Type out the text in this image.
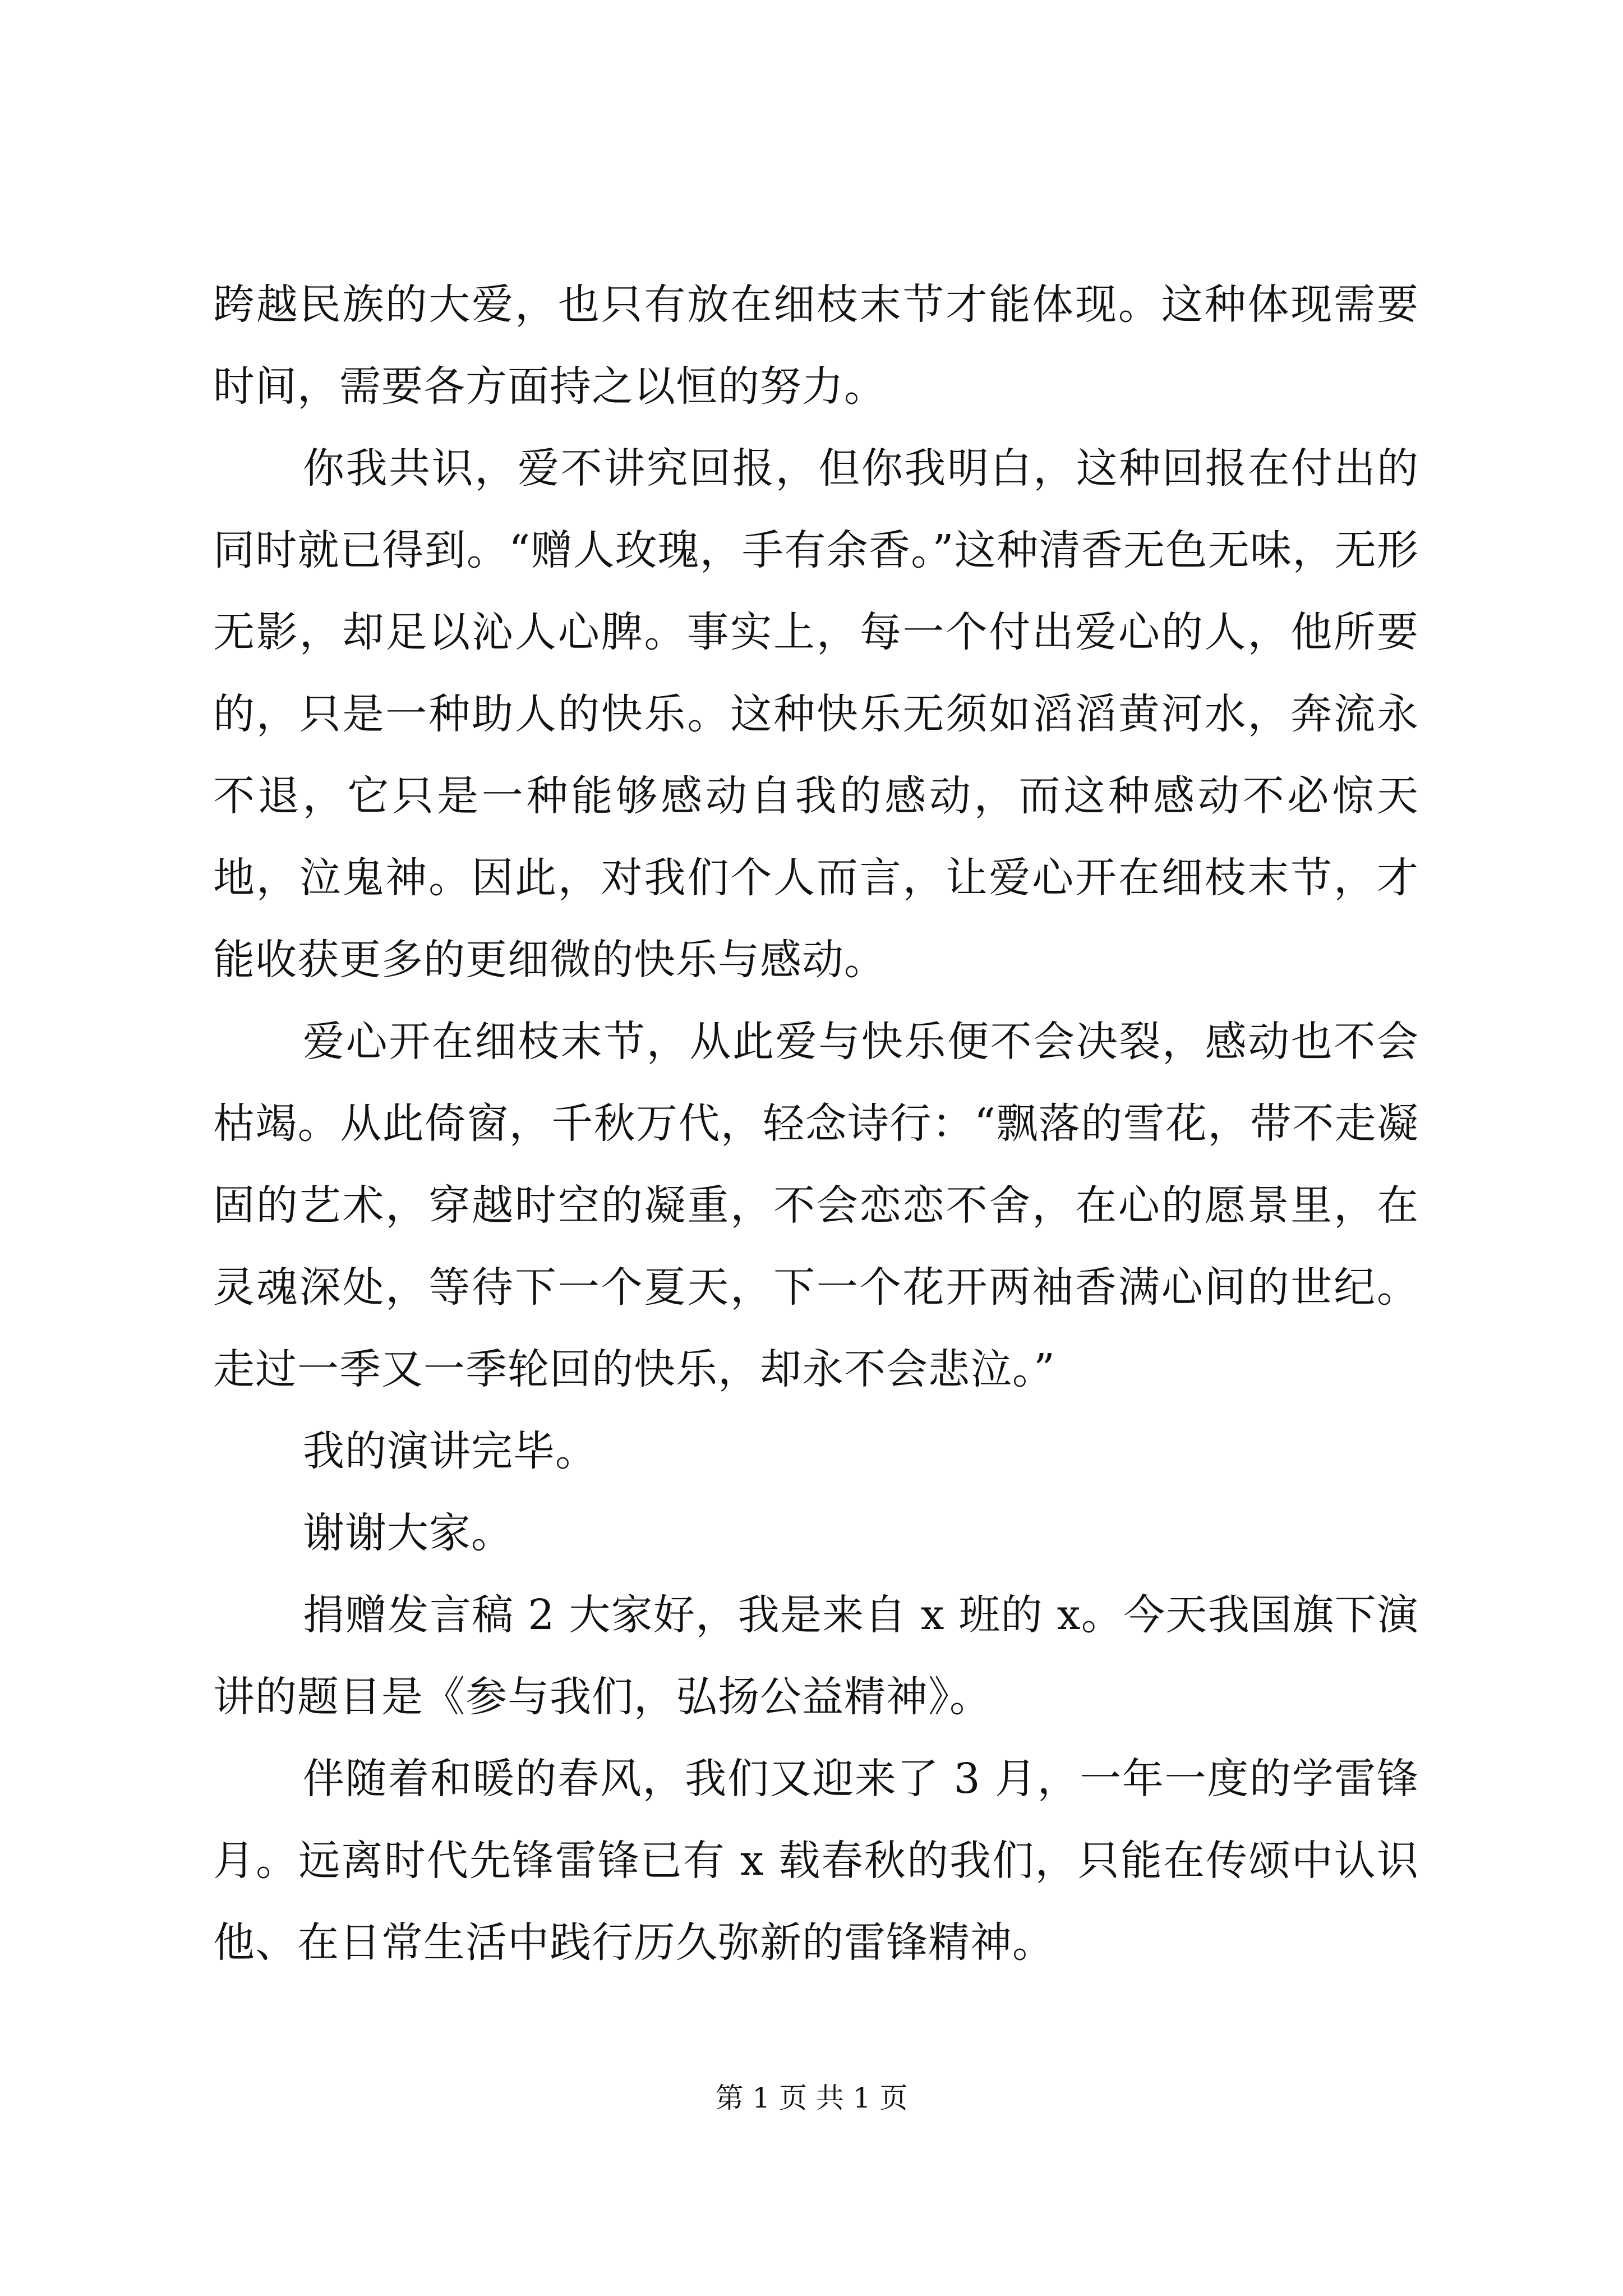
跨越民族的大爱，也只有放在细枝末节才能体现。这种体现需要时间，需要各方面持之以恒的努力。

你我共识，爱不讲究回报，但你我明白，这种回报在付出的同时就已得到。“赠人玫瑰，手有余香。”这种清香无色无味，无形无影，却足以沁人心脾。事实上，每一个付出爱心的人，他所要的，只是一种助人的快乐。这种快乐无须如滔滔黄河水，奔流永不退，它只是一种能够感动自我的感动，而这种感动不必惊天地，泣鬼神。因此，对我们个人而言，让爱心开在细枝末节，才能收获更多的更细微的快乐与感动。

爱心开在细枝末节，从此爱与快乐便不会决裂，感动也不会枯竭。从此倚窗，千秋万代，轻念诗行：“飘落的雪花，带不走凝固的艺术，穿越时空的凝重，不会恋恋不舍，在心的愿景里，在灵魂深处，等待下一个夏天，下一个花开两袖香满心间的世纪。走过一季又一季轮回的快乐，却永不会悲泣。”

我的演讲完毕。

谢谢大家。

捐赠发言稿 2 大家好，我是来自 x 班的 x。今天我国旗下演讲的题目是《参与我们，弘扬公益精神》。

伴随着和暖的春风，我们又迎来了 3 月，一年一度的学雷锋月。远离时代先锋雷锋已有 x 载春秋的我们，只能在传颂中认识他、在日常生活中践行历久弥新的雷锋精神。

第 1 页 共 1 页
